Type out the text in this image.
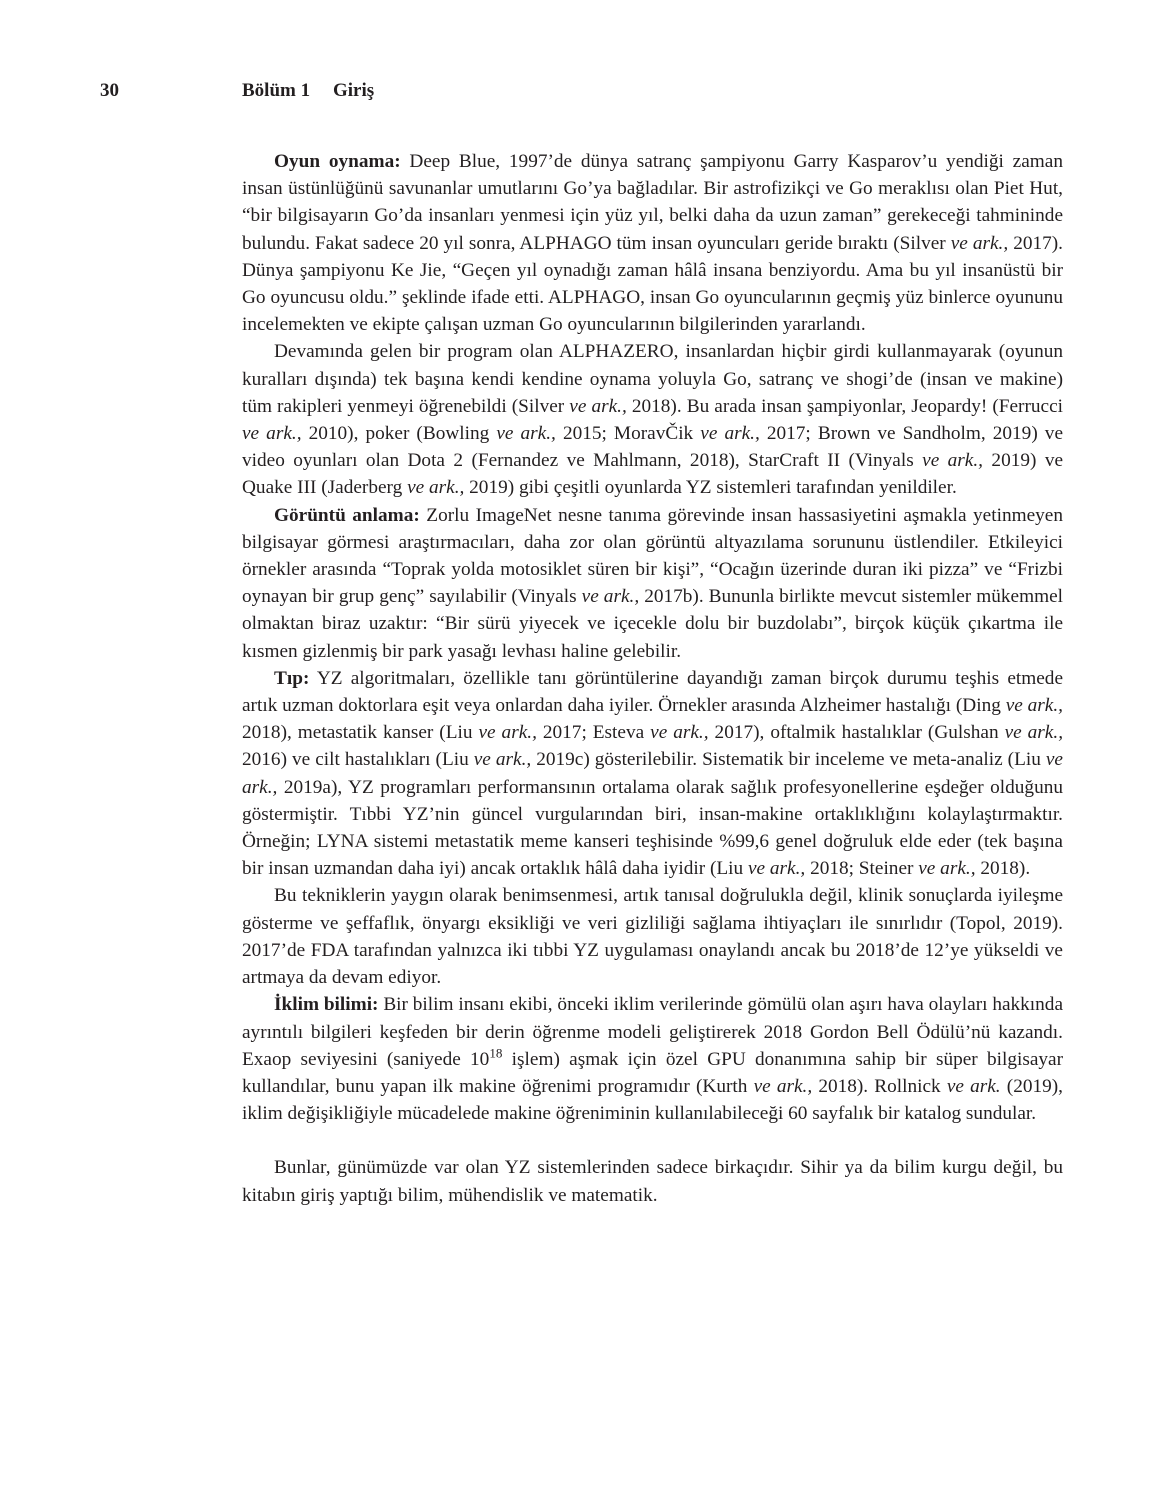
30	Bölüm 1 Giriş

Oyun oynama: Deep Blue, 1997’de dünya satranç şampiyonu Garry Kasparov’u yendiği zaman insan üstünlüğünü savunanlar umutlarını Go’ya bağladılar. Bir astrofizikçi ve Go meraklısı olan Piet Hut, “bir bilgisayarın Go’da insanları yenmesi için yüz yıl, belki daha da uzun zaman” gerekeceği tahmininde bulundu. Fakat sadece 20 yıl sonra, ALPHAGO tüm insan oyuncuları geride bıraktı (Silver ve ark., 2017). Dünya şampiyonu Ke Jie, “Geçen yıl oynadığı zaman hâlâ insana benziyordu. Ama bu yıl insanüstü bir Go oyuncusu oldu.” şeklinde ifade etti. ALPHAGO, insan Go oyuncularının geçmiş yüz binlerce oyununu incelemekten ve ekipte çalışan uzman Go oyuncularının bilgilerinden yararlandı.

Devamında gelen bir program olan ALPHAZERO, insanlardan hiçbir girdi kullanmayarak (oyunun kuralları dışında) tek başına kendi kendine oynama yoluyla Go, satranç ve shogi’de (insan ve makine) tüm rakipleri yenmeyi öğrenebildi (Silver ve ark., 2018). Bu arada insan şampiyonlar, Jeopardy! (Ferrucci ve ark., 2010), poker (Bowling ve ark., 2015; MoravČik ve ark., 2017; Brown ve Sandholm, 2019) ve video oyunları olan Dota 2 (Fernandez ve Mahlmann, 2018), StarCraft II (Vinyals ve ark., 2019) ve Quake III (Jaderberg ve ark., 2019) gibi çeşitli oyunlarda YZ sistemleri tarafından yenildiler.

Görüntü anlama: Zorlu ImageNet nesne tanıma görevinde insan hassasiyetini aşmakla yetinmeyen bilgisayar görmesi araştırmacıları, daha zor olan görüntü altyazılama sorununu üstlendiler. Etkileyici örnekler arasında “Toprak yolda motosiklet süren bir kişi”, “Ocağın üzerinde duran iki pizza” ve “Frizbi oynayan bir grup genç” sayılabilir (Vinyals ve ark., 2017b). Bununla birlikte mevcut sistemler mükemmel olmaktan biraz uzaktır: “Bir sürü yiyecek ve içecekle dolu bir buzdolabı”, birçok küçük çıkartma ile kısmen gizlenmiş bir park yasağı levhası haline gelebilir.

Tıp: YZ algoritmaları, özellikle tanı görüntülerine dayandığı zaman birçok durumu teşhis etmede artık uzman doktorlara eşit veya onlardan daha iyiler. Örnekler arasında Alzheimer hastalığı (Ding ve ark., 2018), metastatik kanser (Liu ve ark., 2017; Esteva ve ark., 2017), oftalmik hastalıklar (Gulshan ve ark., 2016) ve cilt hastalıkları (Liu ve ark., 2019c) gösterilebilir. Sistematik bir inceleme ve meta-analiz (Liu ve ark., 2019a), YZ programları performansının ortalama olarak sağlık profesyonellerine eşdeğer olduğunu göstermiştir. Tıbbi YZ’nin güncel vurgularından biri, insan-makine ortaklıklığını kolaylaştırmaktır. Örneğin; LYNA sistemi metastatik meme kanseri teşhisinde %99,6 genel doğruluk elde eder (tek başına bir insan uzmandan daha iyi) ancak ortaklık hâlâ daha iyidir (Liu ve ark., 2018; Steiner ve ark., 2018).

Bu tekniklerin yaygın olarak benimsenmesi, artık tanısal doğrulukla değil, klinik sonuçlarda iyileşme gösterme ve şeffaflık, önyargı eksikliği ve veri gizliliği sağlama ihtiyaçları ile sınırlıdır (Topol, 2019). 2017’de FDA tarafından yalnızca iki tıbbi YZ uygulaması onaylandı ancak bu 2018’de 12’ye yükseldi ve artmaya da devam ediyor.

İklim bilimi: Bir bilim insanı ekibi, önceki iklim verilerinde gömülü olan aşırı hava olayları hakkında ayrıntılı bilgileri keşfeden bir derin öğrenme modeli geliştirerek 2018 Gordon Bell Ödülü’nü kazandı. Exaop seviyesini (saniyede $10^{18}$ işlem) aşmak için özel GPU donanımına sahip bir süper bilgisayar kullandılar, bunu yapan ilk makine öğrenimi programıdır (Kurth ve ark., 2018). Rollnick ve ark. (2019), iklim değişikliğiyle mücadelede makine öğreniminin kullanılabileceği 60 sayfalık bir katalog sundular.

Bunlar, günümüzde var olan YZ sistemlerinden sadece birkaçıdır. Sihir ya da bilim kurgu değil, bu kitabın giriş yaptığı bilim, mühendislik ve matematik.
